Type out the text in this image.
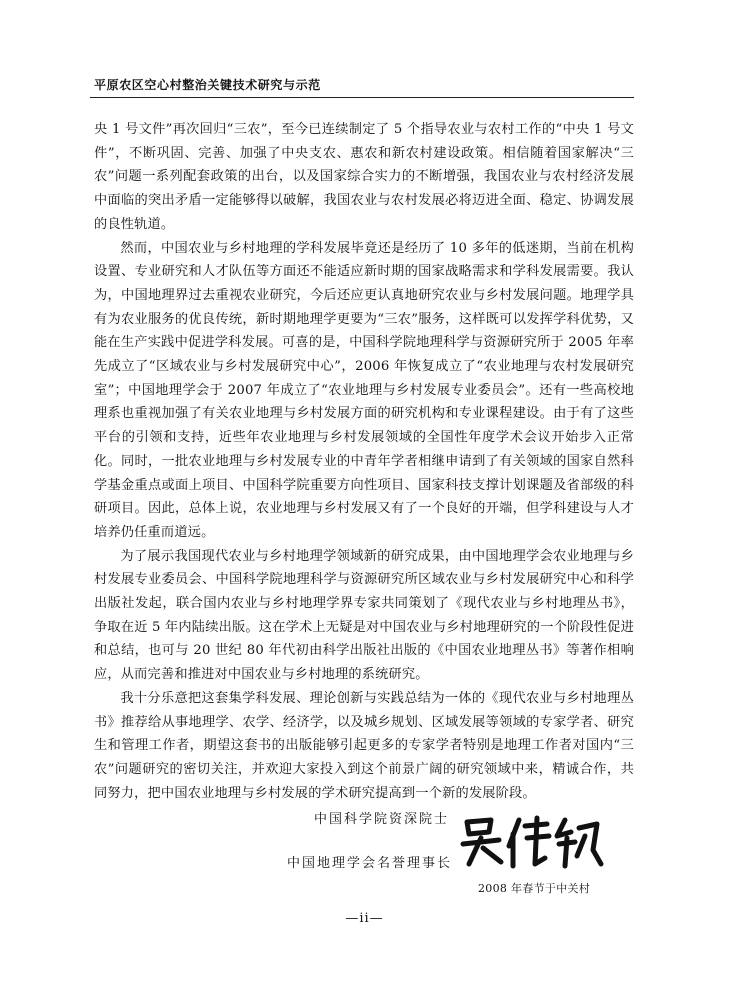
平原农区空心村整治关键技术研究与示范

央 1 号文件”再次回归“三农”，至今已连续制定了 5 个指导农业与农村工作的“中央 1 号文件”，不断巩固、完善、加强了中央支农、惠农和新农村建设政策。相信随着国家解决“三农”问题一系列配套政策的出台，以及国家综合实力的不断增强，我国农业与农村经济发展中面临的突出矛盾一定能够得以破解，我国农业与农村发展必将迈进全面、稳定、协调发展的良性轨道。

然而，中国农业与乡村地理的学科发展毕竟还是经历了 10 多年的低迷期，当前在机构设置、专业研究和人才队伍等方面还不能适应新时期的国家战略需求和学科发展需要。我认为，中国地理界过去重视农业研究，今后还应更认真地研究农业与乡村发展问题。地理学具有为农业服务的优良传统，新时期地理学更要为“三农”服务，这样既可以发挥学科优势，又能在生产实践中促进学科发展。可喜的是，中国科学院地理科学与资源研究所于 2005 年率先成立了“区域农业与乡村发展研究中心”，2006 年恢复成立了“农业地理与农村发展研究室”；中国地理学会于 2007 年成立了“农业地理与乡村发展专业委员会”。还有一些高校地理系也重视加强了有关农业地理与乡村发展方面的研究机构和专业课程建设。由于有了这些平台的引领和支持，近些年农业地理与乡村发展领域的全国性年度学术会议开始步入正常化。同时，一批农业地理与乡村发展专业的中青年学者相继申请到了有关领域的国家自然科学基金重点或面上项目、中国科学院重要方向性项目、国家科技支撑计划课题及省部级的科研项目。因此，总体上说，农业地理与乡村发展又有了一个良好的开端，但学科建设与人才培养仍任重而道远。

为了展示我国现代农业与乡村地理学领域新的研究成果，由中国地理学会农业地理与乡村发展专业委员会、中国科学院地理科学与资源研究所区域农业与乡村发展研究中心和科学出版社发起，联合国内农业与乡村地理学界专家共同策划了《现代农业与乡村地理丛书》，争取在近 5 年内陆续出版。这在学术上无疑是对中国农业与乡村地理研究的一个阶段性促进和总结，也可与 20 世纪 80 年代初由科学出版社出版的《中国农业地理丛书》等著作相响应，从而完善和推进对中国农业与乡村地理的系统研究。

我十分乐意把这套集学科发展、理论创新与实践总结为一体的《现代农业与乡村地理丛书》推荐给从事地理学、农学、经济学，以及城乡规划、区域发展等领域的专家学者、研究生和管理工作者，期望这套书的出版能够引起更多的专家学者特别是地理工作者对国内“三农”问题研究的密切关注，并欢迎大家投入到这个前景广阔的研究领域中来，精诚合作，共同努力，把中国农业地理与乡村发展的学术研究提高到一个新的发展阶段。

中国科学院资深院士
中国地理学会名誉理事长
2008 年春节于中关村
—ii—
